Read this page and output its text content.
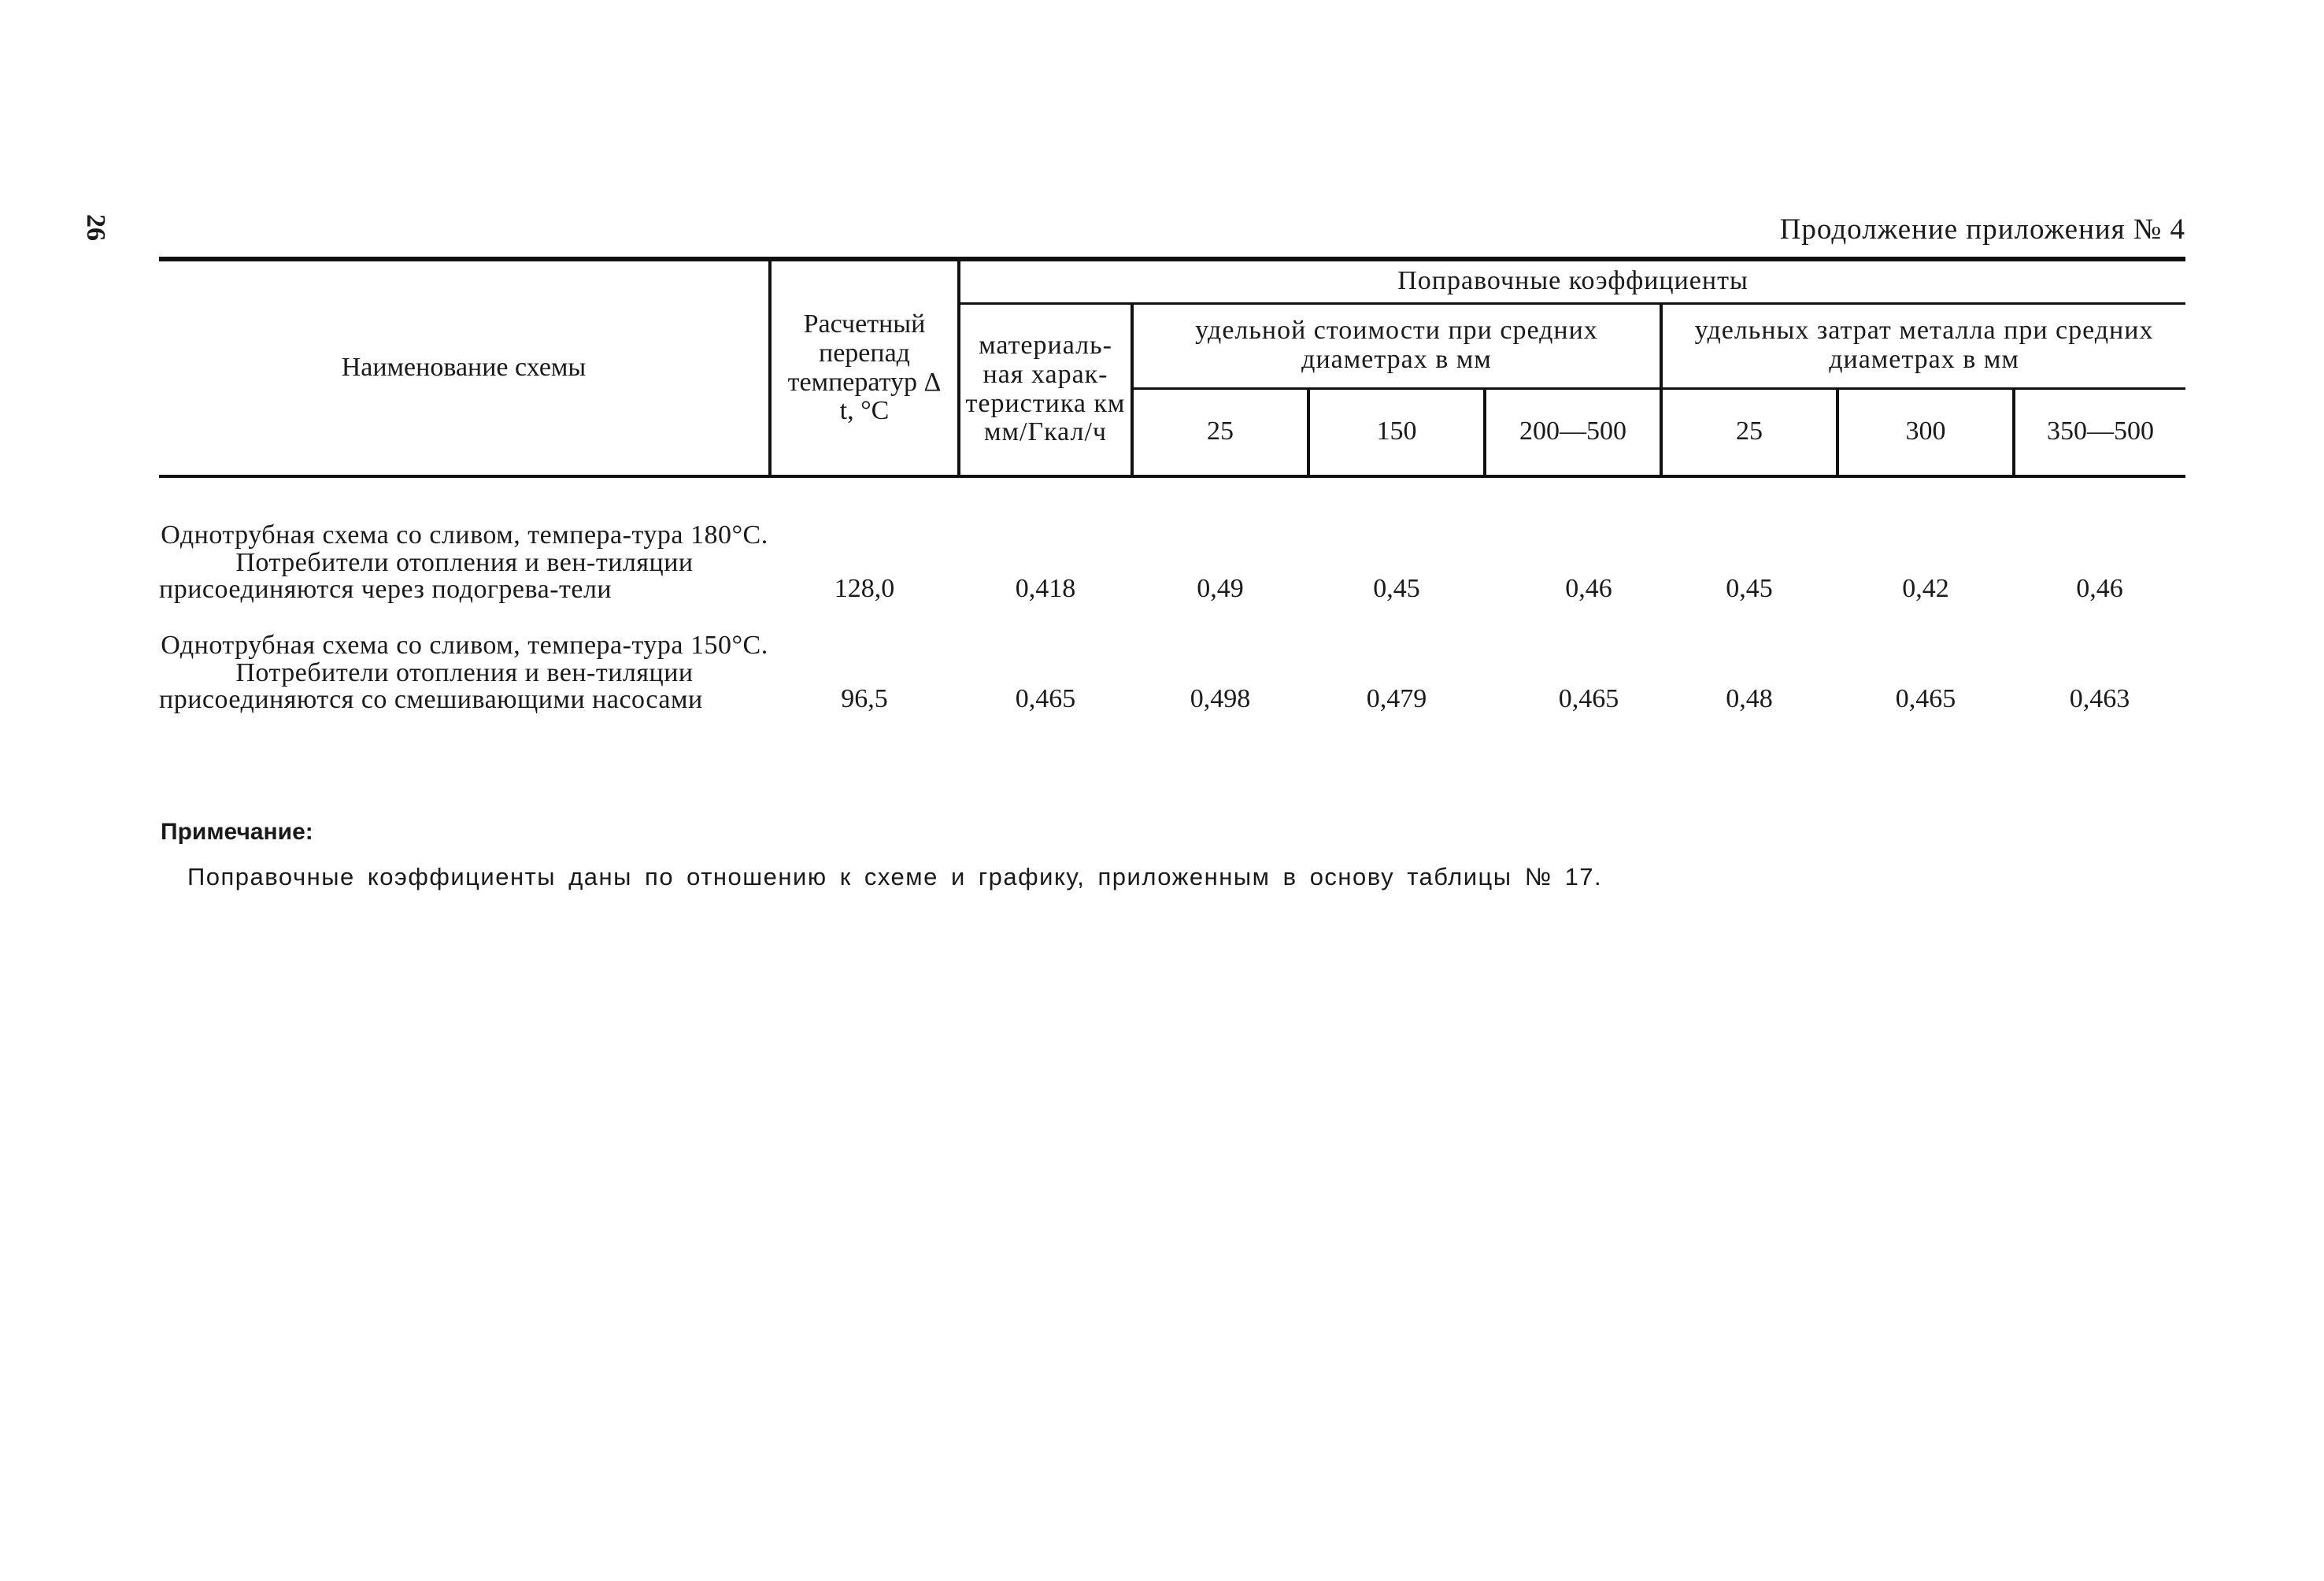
26	Продолжение приложения № 4
Наименование схемы	Расчетный перепад температур Δ t, °C	Поправочные коэффициенты						
		материаль-ная харак-теристика км мм/Гкал/ч	удельной стоимости при средних диаметрах в мм			удельных затрат металла при средних диаметрах в мм		
			25	150	200—500	25	300	350—500
Однотрубная схема со сливом, темпера-тура 180°С. Потребители отопления и вен-тиляции присоединяются через подогрева-тели	128,0	0,418	0,49	0,45	0,46	0,45	0,42	0,46
Однотрубная схема со сливом, темпера-тура 150°С. Потребители отопления и вен-тиляции присоединяются со смешивающими насосами	96,5	0,465	0,498	0,479	0,465	0,48	0,465	0,463
Примечание:
Поправочные коэффициенты даны по отношению к схеме и графику, приложенным в основу таблицы № 17.
